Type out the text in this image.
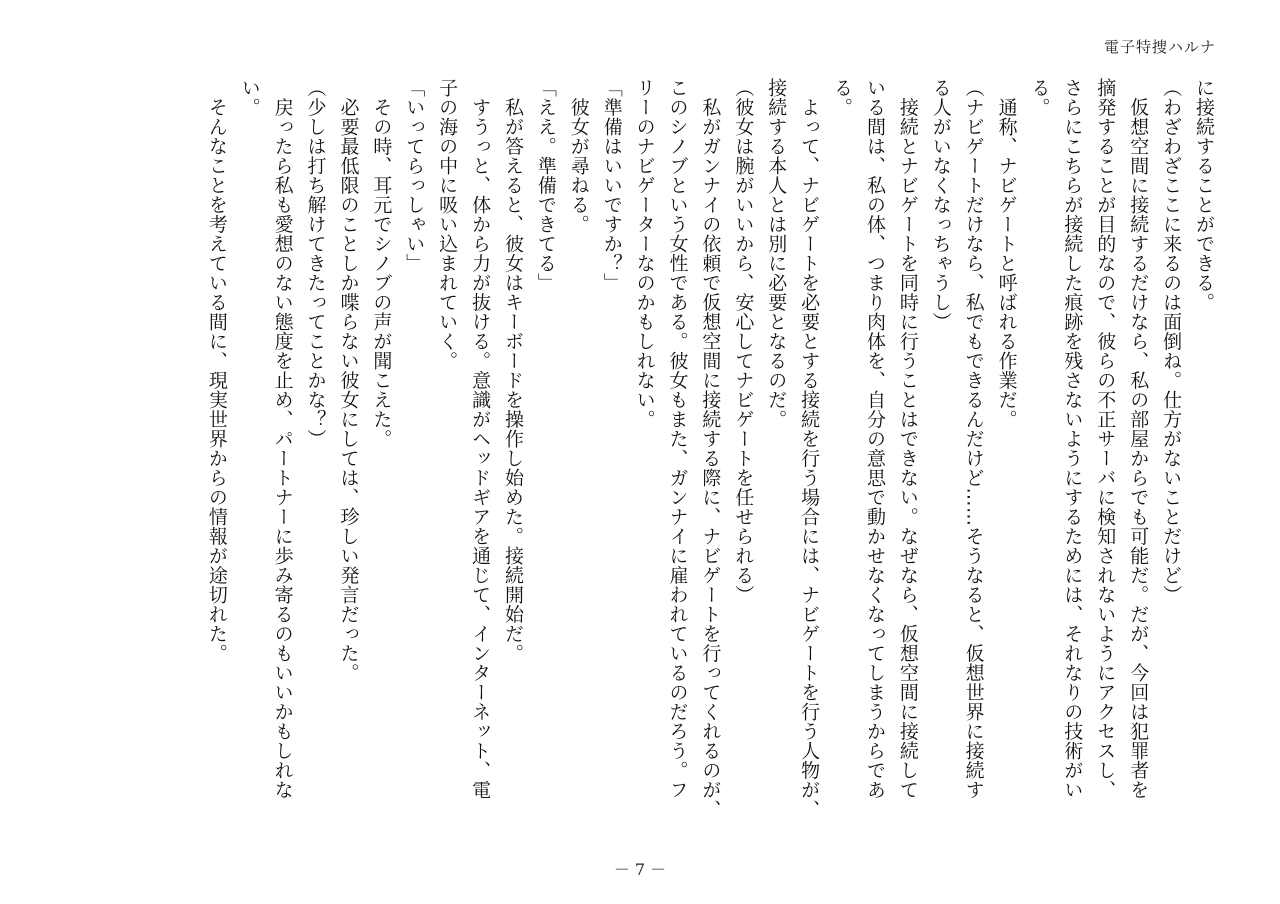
電子特捜ハルナ

に接続することができる。

（わざわざここに来るのは面倒ね。仕方がないことだけど）

　仮想空間に接続するだけなら、私の部屋からでも可能だ。だが、今回は犯罪者を

摘発することが目的なので、彼らの不正サーバに検知されないようにアクセスし、

さらにこちらが接続した痕跡を残さないようにするためには、それなりの技術がい

る。

　通称、ナビゲートと呼ばれる作業だ。

（ナビゲートだけなら、私でもできるんだけど……そうなると、仮想世界に接続す

る人がいなくなっちゃうし）

　接続とナビゲートを同時に行うことはできない。なぜなら、仮想空間に接続して

いる間は、私の体、つまり肉体を、自分の意思で動かせなくなってしまうからであ

る。

　よって、ナビゲートを必要とする接続を行う場合には、ナビゲートを行う人物が、

接続する本人とは別に必要となるのだ。

（彼女は腕がいいから、安心してナビゲートを任せられる）

　私がガンナイの依頼で仮想空間に接続する際に、ナビゲートを行ってくれるのが、

このシノブという女性である。彼女もまた、ガンナイに雇われているのだろう。フ

リーのナビゲーターなのかもしれない。

「準備はいいですか？」

　彼女が尋ねる。

「ええ。準備できてる」

　私が答えると、彼女はキーボードを操作し始めた。接続開始だ。

　すうっと、体から力が抜ける。意識がヘッドギアを通じて、インターネット、電

子の海の中に吸い込まれていく。

「いってらっしゃい」

　その時、耳元でシノブの声が聞こえた。

　必要最低限のことしか喋らない彼女にしては、珍しい発言だった。

（少しは打ち解けてきたってことかな？）

　戻ったら私も愛想のない態度を止め、パートナーに歩み寄るのもいいかもしれな

い。

　そんなことを考えている間に、現実世界からの情報が途切れた。

－ 7 －
